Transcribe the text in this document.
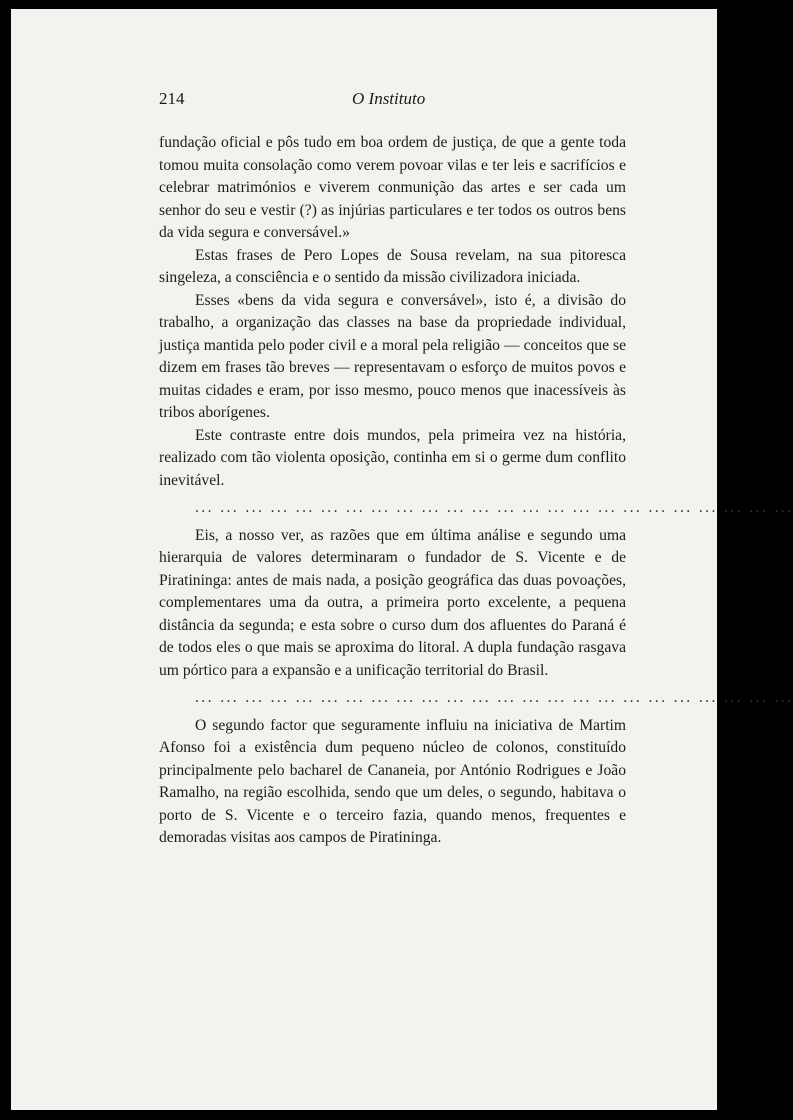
214	O Instituto

fundação oficial e pôs tudo em boa ordem de justiça, de que a gente toda tomou muita consolação como verem povoar vilas e ter leis e sacrifícios e celebrar matrimónios e viverem conmunição das artes e ser cada um senhor do seu e vestir (?) as injúrias particulares e ter todos os outros bens da vida segura e conversável.»

Estas frases de Pero Lopes de Sousa revelam, na sua pitoresca singeleza, a consciência e o sentido da missão civilizadora iniciada.

Esses «bens da vida segura e conversável», isto é, a divisão do trabalho, a organização das classes na base da propriedade individual, justiça mantida pelo poder civil e a moral pela religião — conceitos que se dizem em frases tão breves — representavam o esforço de muitos povos e muitas cidades e eram, por isso mesmo, pouco menos que inacessíveis às tribos aborígenes.

Este contraste entre dois mundos, pela primeira vez na história, realizado com tão violenta oposição, continha em si o germe dum conflito inevitável.

... ... ... ... ... ... ... ... ... ... ... ... ... ... ... ... ... ... ... ... ... ... ... ...

Eis, a nosso ver, as razões que em última análise e segundo uma hierarquia de valores determinaram o fundador de S. Vicente e de Piratininga: antes de mais nada, a posição geográfica das duas povoações, complementares uma da outra, a primeira porto excelente, a pequena distância da segunda; e esta sobre o curso dum dos afluentes do Paraná é de todos eles o que mais se aproxima do litoral. A dupla fundação rasgava um pórtico para a expansão e a unificação territorial do Brasil.

... ... ... ... ... ... ... ... ... ... ... ... ... ... ... ... ... ... ... ... ... ... ... ...

O segundo factor que seguramente influiu na iniciativa de Martim Afonso foi a existência dum pequeno núcleo de colonos, constituído principalmente pelo bacharel de Cananeia, por António Rodrigues e João Ramalho, na região escolhida, sendo que um deles, o segundo, habitava o porto de S. Vicente e o terceiro fazia, quando menos, frequentes e demoradas visitas aos campos de Piratininga.
